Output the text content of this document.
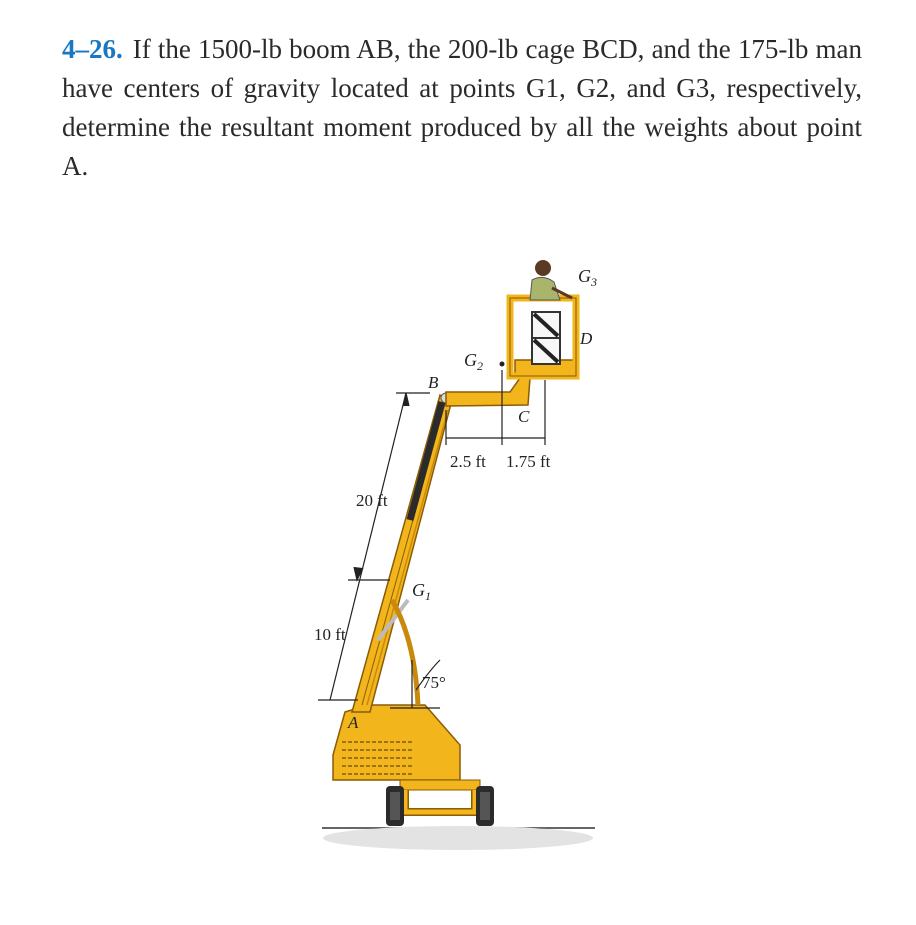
4–26. If the 1500-lb boom AB, the 200-lb cage BCD, and the 175-lb man have centers of gravity located at points G1, G2, and G3, respectively, determine the resultant moment produced by all the weights about point A.
20 ft
10 ft
2.5 ft 1.75 ft
75°
$G_1$
$G_2$
$G_3$
A
B
C
D
